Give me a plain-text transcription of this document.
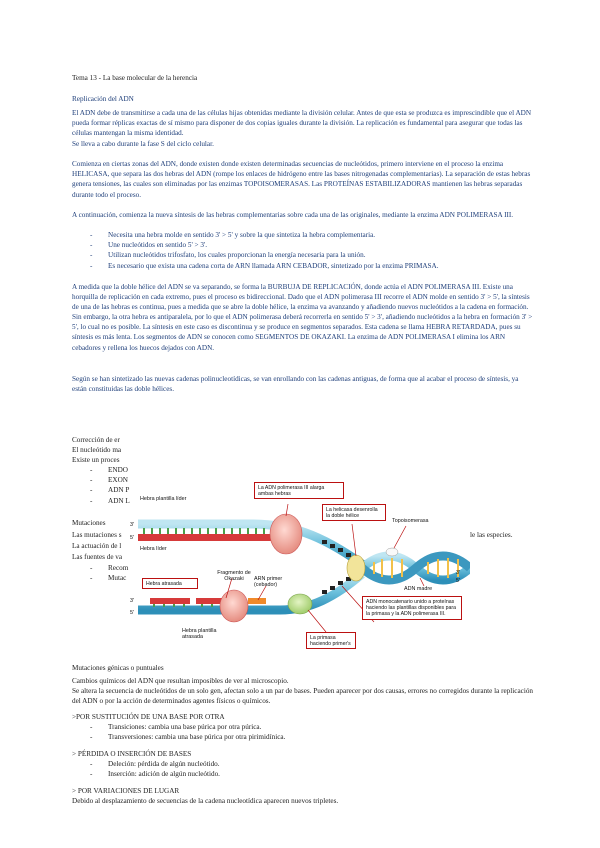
Tema 13 - La base molecular de la herencia

Replicación del ADN

El ADN debe de transmitirse a cada una de las células hijas obtenidas mediante la división celular. Antes de que esta se produzca es imprescindible que el ADN pueda formar réplicas exactas de sí mismo para disponer de dos copias iguales durante la división. La replicación es fundamental para asegurar que todas las células mantengan la misma identidad.

Se lleva a cabo durante la fase S del ciclo celular.

Comienza en ciertas zonas del ADN, donde existen donde existen determinadas secuencias de nucleótidos, primero interviene en el proceso la enzima HELICASA, que separa las dos hebras del ADN (rompe los enlaces de hidrógeno entre las bases nitrogenadas complementarias). La separación de estas hebras genera tensiones, las cuales son eliminadas por las enzimas TOPOISOMERASAS. Las PROTEÍNAS ESTABILIZADORAS mantienen las hebras separadas durante todo el proceso.

A continuación, comienza la nueva síntesis de las hebras complementarias sobre cada una de las originales, mediante la enzima ADN POLIMERASA III.

- Necesita una hebra molde en sentido 3' > 5' y sobre la que sintetiza la hebra complementaria.
- Une nucleótidos en sentido 5' > 3'.
- Utilizan nucleótidos trifosfato, los cuales proporcionan la energía necesaria para la unión.
- Es necesario que exista una cadena corta de ARN llamada ARN CEBADOR, sintetizado por la enzima PRIMASA.

A medida que la doble hélice del ADN se va separando, se forma la BURBUJA DE REPLICACIÓN, donde actúa el ADN POLIMERASA III. Existe una horquilla de replicación en cada extremo, pues el proceso es bidireccional. Dado que el ADN polimerasa III recorre el ADN molde en sentido 3' > 5', la síntesis de una de las hebras es continua, pues a medida que se abre la doble hélice, la enzima va avanzando y añadiendo nuevos nucleótidos a la cadena en formación.

Sin embargo, la otra hebra es antiparalela, por lo que el ADN polimerasa deberá recorrerla en sentido 5' > 3', añadiendo nucleótidos a la hebra en formación 3' > 5', lo cual no es posible. La síntesis en este caso es discontinua y se produce en segmentos separados. Esta cadena se llama HEBRA RETARDADA, pues su síntesis es más lenta. Los segmentos de ADN se conocen como SEGMENTOS DE OKAZAKI. La enzima de ADN POLIMERASA I elimina los ARN cebadores y rellena los huecos dejados con ADN.

Según se han sintetizado las nuevas cadenas polinucleotídicas, se van enrollando con las cadenas antiguas, de forma que al acabar el proceso de síntesis, ya están constituidas las doble hélices.

Corrección de er

El nucleótido ma

Existe un proces

- ENDO
- EXON
- ADN P
- ADN L

Mutaciones

Las mutaciones s

La actuación de l

Las fuentes de va

- Recom
- Mutac

le las especies.

La ADN polimerasa III alarga ambas hebras
La helicasa desenrolla la doble hélice
Topoisomerasa
Hebra plantilla líder
3'
5'
Hebra líder
Fragmento de Okazaki	ARN primer (cebador)
Hebra atrasada
ADN madre
3'
5'
3'
5'
Hebra plantilla atrasada	La primasa haciendo primer's
ADN monocatenario unido a proteínas haciendo las plantillas disponibles para la primasa y la ADN polimerasa III.

Mutaciones génicas o puntuales

Cambios químicos del ADN que resultan imposibles de ver al microscopio.

Se altera la secuencia de nucleótidos de un solo gen, afectan solo a un par de bases. Pueden aparecer por dos causas, errores no corregidos durante la replicación del ADN o por la acción de determinados agentes físicos o químicos.

>POR SUSTITUCIÓN DE UNA BASE POR OTRA

- Transiciones: cambia una base púrica por otra púrica.
- Transversiones: cambia una base púrica por otra pirimidínica.

> PÉRDIDA O INSERCIÓN DE BASES

- Deleción: pérdida de algún nucleótido.
- Inserción: adición de algún nucleótido.

> POR VARIACIONES DE LUGAR

Debido al desplazamiento de secuencias de la cadena nucleotídica aparecen nuevos tripletes.
